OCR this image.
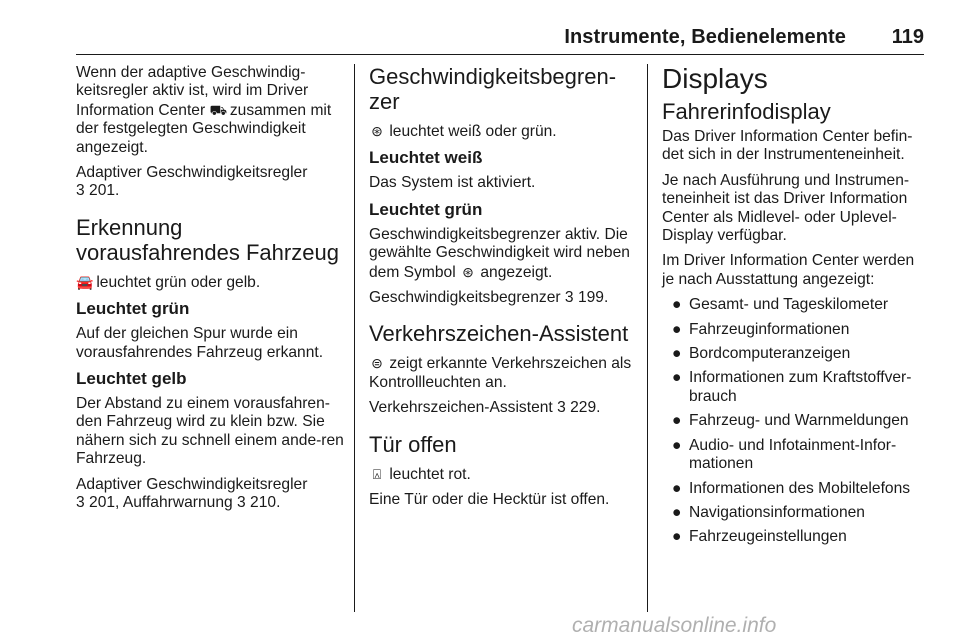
Instrumente, Bedienelemente 119

Wenn der adaptive Geschwindig-keitsregler aktiv ist, wird im Driver Information Center ⛟ zusammen mit der festgelegten Geschwindigkeit angezeigt.

Adaptiver Geschwindigkeitsregler
3 201.

Erkennung vorausfahrendes Fahrzeug

🚘 leuchtet grün oder gelb.

Leuchtet grün

Auf der gleichen Spur wurde ein vorausfahrendes Fahrzeug erkannt.

Leuchtet gelb

Der Abstand zu einem vorausfahren-den Fahrzeug wird zu klein bzw. Sie nähern sich zu schnell einem ande-ren Fahrzeug.

Adaptiver Geschwindigkeitsregler
3 201, Auffahrwarnung 3 210.

Geschwindigkeitsbegren-zer

⊛ leuchtet weiß oder grün.

Leuchtet weiß

Das System ist aktiviert.

Leuchtet grün

Geschwindigkeitsbegrenzer aktiv. Die gewählte Geschwindigkeit wird neben dem Symbol ⊛ angezeigt.

Geschwindigkeitsbegrenzer 3 199.

Verkehrszeichen-Assistent

⊜ zeigt erkannte Verkehrszeichen als Kontrollleuchten an.

Verkehrszeichen-Assistent 3 229.

Tür offen

⍓ leuchtet rot.

Eine Tür oder die Hecktür ist offen.

Displays
Fahrerinfodisplay

Das Driver Information Center befin-det sich in der Instrumenteneinheit.

Je nach Ausführung und Instrumen-teneinheit ist das Driver Information Center als Midlevel- oder Uplevel-Display verfügbar.

Im Driver Information Center werden je nach Ausstattung angezeigt:

● Gesamt- und Tageskilometer
● Fahrzeuginformationen
● Bordcomputeranzeigen
● Informationen zum Kraftstoffver-brauch
● Fahrzeug- und Warnmeldungen
● Audio- und Infotainment-Infor-mationen
● Informationen des Mobiltelefons
● Navigationsinformationen
● Fahrzeugeinstellungen
carmanualsonline.info
